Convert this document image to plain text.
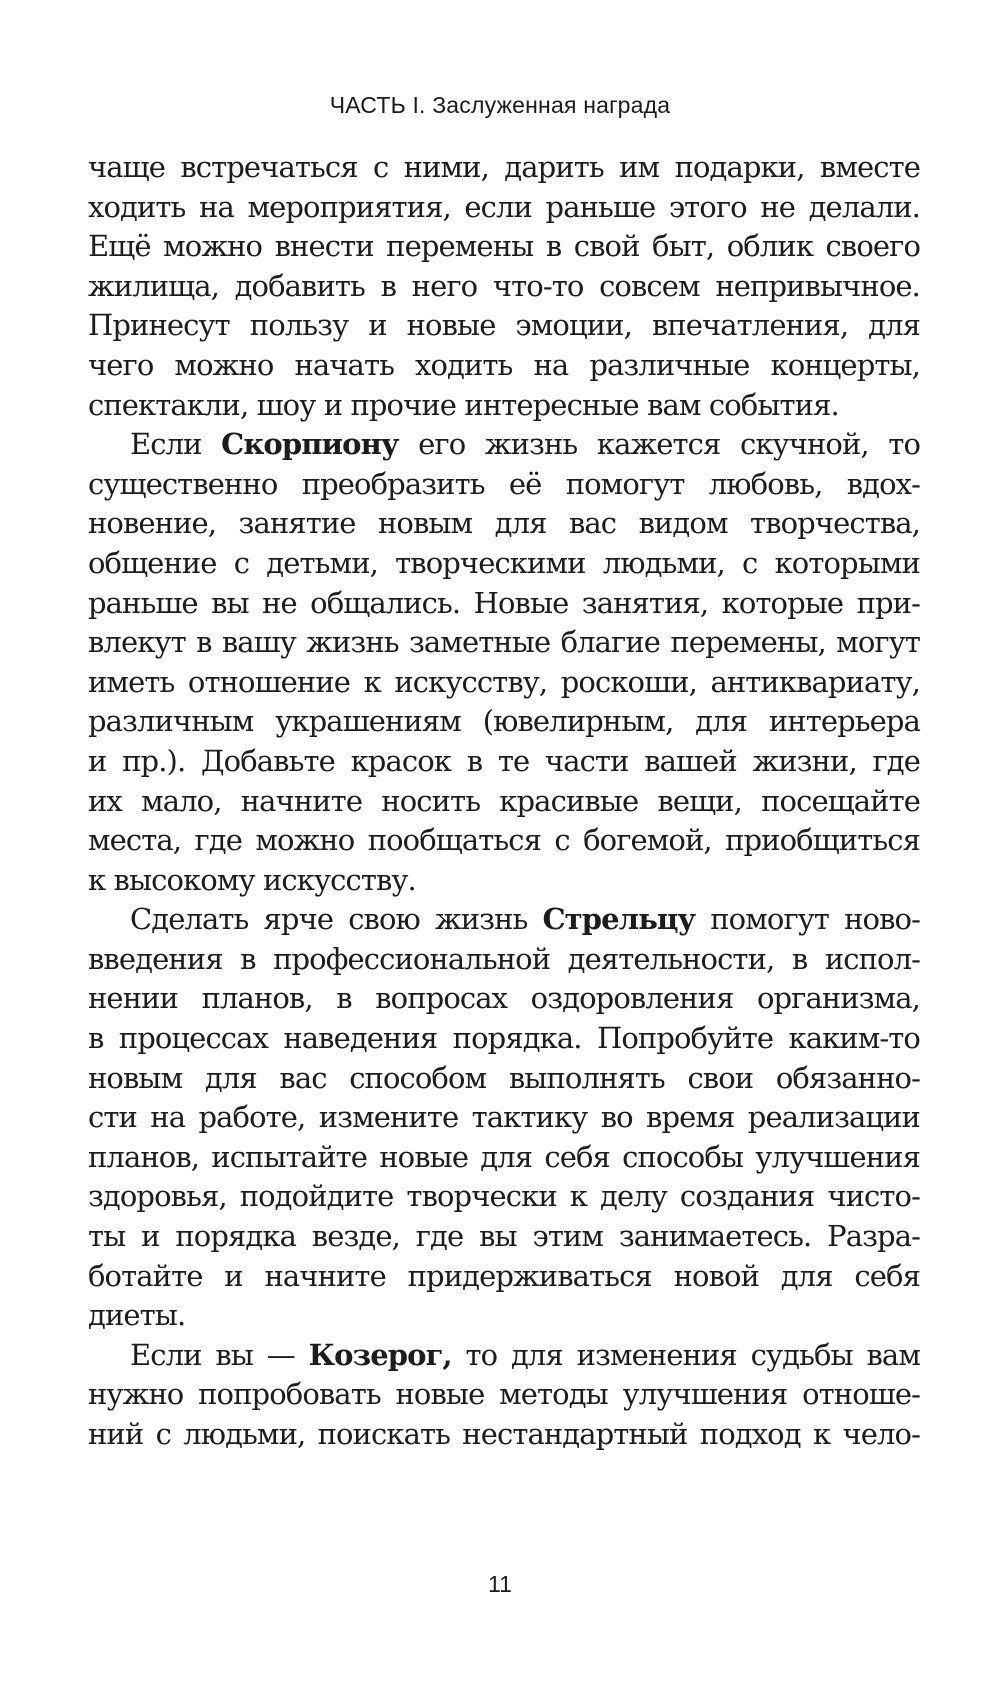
ЧАСТЬ I. Заслуженная награда

чаще встречаться с ними, дарить им подарки, вместе
ходить на мероприятия, если раньше этого не делали.
Ещё можно внести перемены в свой быт, облик своего
жилища, добавить в него что-то совсем непривычное.
Принесут пользу и новые эмоции, впечатления, для
чего можно начать ходить на различные концерты,
спектакли, шоу и прочие интересные вам события.

Если Скорпиону его жизнь кажется скучной, то
существенно преобразить её помогут любовь, вдох-
новение, занятие новым для вас видом творчества,
общение с детьми, творческими людьми, с которыми
раньше вы не общались. Новые занятия, которые при-
влекут в вашу жизнь заметные благие перемены, могут
иметь отношение к искусству, роскоши, антиквариату,
различным украшениям (ювелирным, для интерьера
и пр.). Добавьте красок в те части вашей жизни, где
их мало, начните носить красивые вещи, посещайте
места, где можно пообщаться с богемой, приобщиться
к высокому искусству.

Сделать ярче свою жизнь Стрельцу помогут ново-
введения в профессиональной деятельности, в испол-
нении планов, в вопросах оздоровления организма,
в процессах наведения порядка. Попробуйте каким-то
новым для вас способом выполнять свои обязанно-
сти на работе, измените тактику во время реализации
планов, испытайте новые для себя способы улучшения
здоровья, подойдите творчески к делу создания чисто-
ты и порядка везде, где вы этим занимаетесь. Разра-
ботайте и начните придерживаться новой для себя
диеты.

Если вы — Козерог, то для изменения судьбы вам
нужно попробовать новые методы улучшения отноше-
ний с людьми, поискать нестандартный подход к чело-

11
